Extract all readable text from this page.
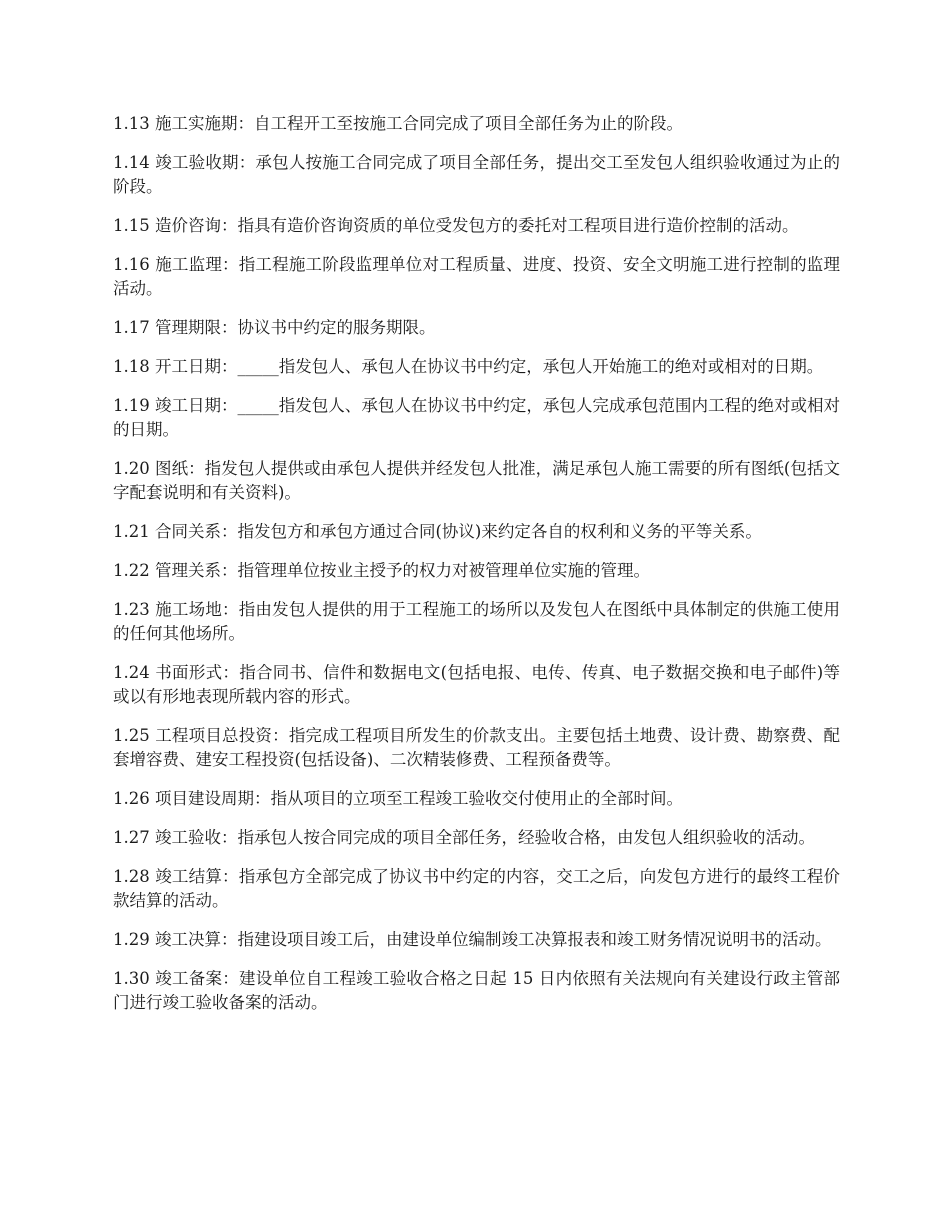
1.13 施工实施期：自工程开工至按施工合同完成了项目全部任务为止的阶段。

1.14 竣工验收期：承包人按施工合同完成了项目全部任务，提出交工至发包人组织验收通过为止的阶段。

1.15 造价咨询：指具有造价咨询资质的单位受发包方的委托对工程项目进行造价控制的活动。

1.16 施工监理：指工程施工阶段监理单位对工程质量、进度、投资、安全文明施工进行控制的监理活动。

1.17 管理期限：协议书中约定的服务期限。

1.18 开工日期：_____指发包人、承包人在协议书中约定，承包人开始施工的绝对或相对的日期。

1.19 竣工日期：_____指发包人、承包人在协议书中约定，承包人完成承包范围内工程的绝对或相对的日期。

1.20 图纸：指发包人提供或由承包人提供并经发包人批准，满足承包人施工需要的所有图纸(包括文字配套说明和有关资料)。

1.21 合同关系：指发包方和承包方通过合同(协议)来约定各自的权利和义务的平等关系。

1.22 管理关系：指管理单位按业主授予的权力对被管理单位实施的管理。

1.23 施工场地：指由发包人提供的用于工程施工的场所以及发包人在图纸中具体制定的供施工使用的任何其他场所。

1.24 书面形式：指合同书、信件和数据电文(包括电报、电传、传真、电子数据交换和电子邮件)等或以有形地表现所载内容的形式。

1.25 工程项目总投资：指完成工程项目所发生的价款支出。主要包括土地费、设计费、勘察费、配套增容费、建安工程投资(包括设备)、二次精装修费、工程预备费等。

1.26 项目建设周期：指从项目的立项至工程竣工验收交付使用止的全部时间。

1.27 竣工验收：指承包人按合同完成的项目全部任务，经验收合格，由发包人组织验收的活动。

1.28 竣工结算：指承包方全部完成了协议书中约定的内容，交工之后，向发包方进行的最终工程价款结算的活动。

1.29 竣工决算：指建设项目竣工后，由建设单位编制竣工决算报表和竣工财务情况说明书的活动。

1.30 竣工备案：建设单位自工程竣工验收合格之日起 15 日内依照有关法规向有关建设行政主管部门进行竣工验收备案的活动。
